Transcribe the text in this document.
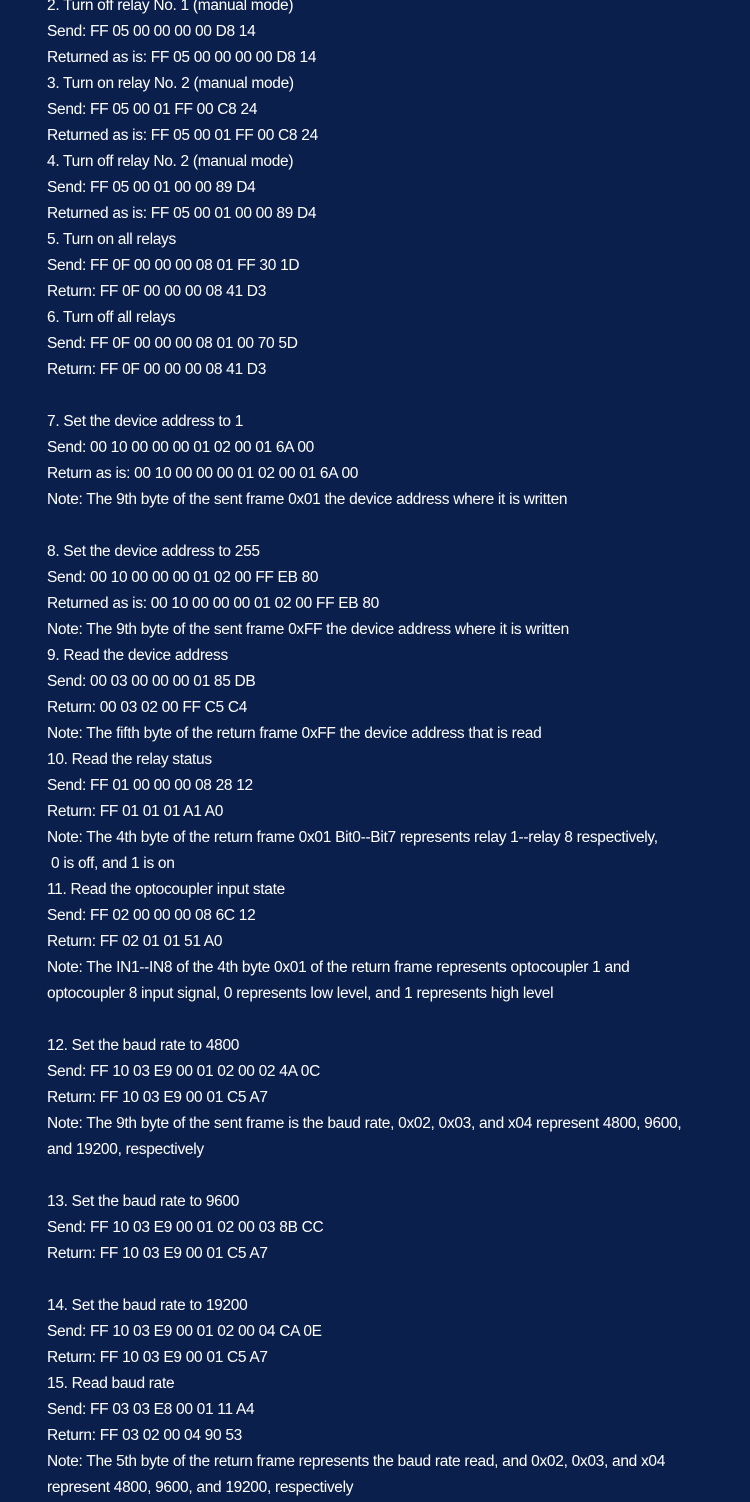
2. Turn off relay No. 1 (manual mode)
Send: FF 05 00 00 00 00 D8 14
Returned as is: FF 05 00 00 00 00 D8 14
3. Turn on relay No. 2 (manual mode)
Send: FF 05 00 01 FF 00 C8 24
Returned as is: FF 05 00 01 FF 00 C8 24
4. Turn off relay No. 2 (manual mode)
Send: FF 05 00 01 00 00 89 D4
Returned as is: FF 05 00 01 00 00 89 D4
5. Turn on all relays
Send: FF 0F 00 00 00 08 01 FF 30 1D
Return: FF 0F 00 00 00 08 41 D3
6. Turn off all relays
Send: FF 0F 00 00 00 08 01 00 70 5D
Return: FF 0F 00 00 00 08 41 D3
7. Set the device address to 1
Send: 00 10 00 00 00 01 02 00 01 6A 00
Return as is: 00 10 00 00 00 01 02 00 01 6A 00
Note: The 9th byte of the sent frame 0x01 the device address where it is written
8. Set the device address to 255
Send: 00 10 00 00 00 01 02 00 FF EB 80
Returned as is: 00 10 00 00 00 01 02 00 FF EB 80
Note: The 9th byte of the sent frame 0xFF the device address where it is written
9. Read the device address
Send: 00 03 00 00 00 01 85 DB
Return: 00 03 02 00 FF C5 C4
Note: The fifth byte of the return frame 0xFF the device address that is read
10. Read the relay status
Send: FF 01 00 00 00 08 28 12
Return: FF 01 01 01 A1 A0
Note: The 4th byte of the return frame 0x01 Bit0--Bit7 represents relay 1--relay 8 respectively,
0 is off, and 1 is on
11. Read the optocoupler input state
Send: FF 02 00 00 00 08 6C 12
Return: FF 02 01 01 51 A0
Note: The IN1--IN8 of the 4th byte 0x01 of the return frame represents optocoupler 1 and
optocoupler 8 input signal, 0 represents low level, and 1 represents high level
12. Set the baud rate to 4800
Send: FF 10 03 E9 00 01 02 00 02 4A 0C
Return: FF 10 03 E9 00 01 C5 A7
Note: The 9th byte of the sent frame is the baud rate, 0x02, 0x03, and x04 represent 4800, 9600,
and 19200, respectively
13. Set the baud rate to 9600
Send: FF 10 03 E9 00 01 02 00 03 8B CC
Return: FF 10 03 E9 00 01 C5 A7
14. Set the baud rate to 19200
Send: FF 10 03 E9 00 01 02 00 04 CA 0E
Return: FF 10 03 E9 00 01 C5 A7
15. Read baud rate
Send: FF 03 03 E8 00 01 11 A4
Return: FF 03 02 00 04 90 53
Note: The 5th byte of the return frame represents the baud rate read, and 0x02, 0x03, and x04
represent 4800, 9600, and 19200, respectively
